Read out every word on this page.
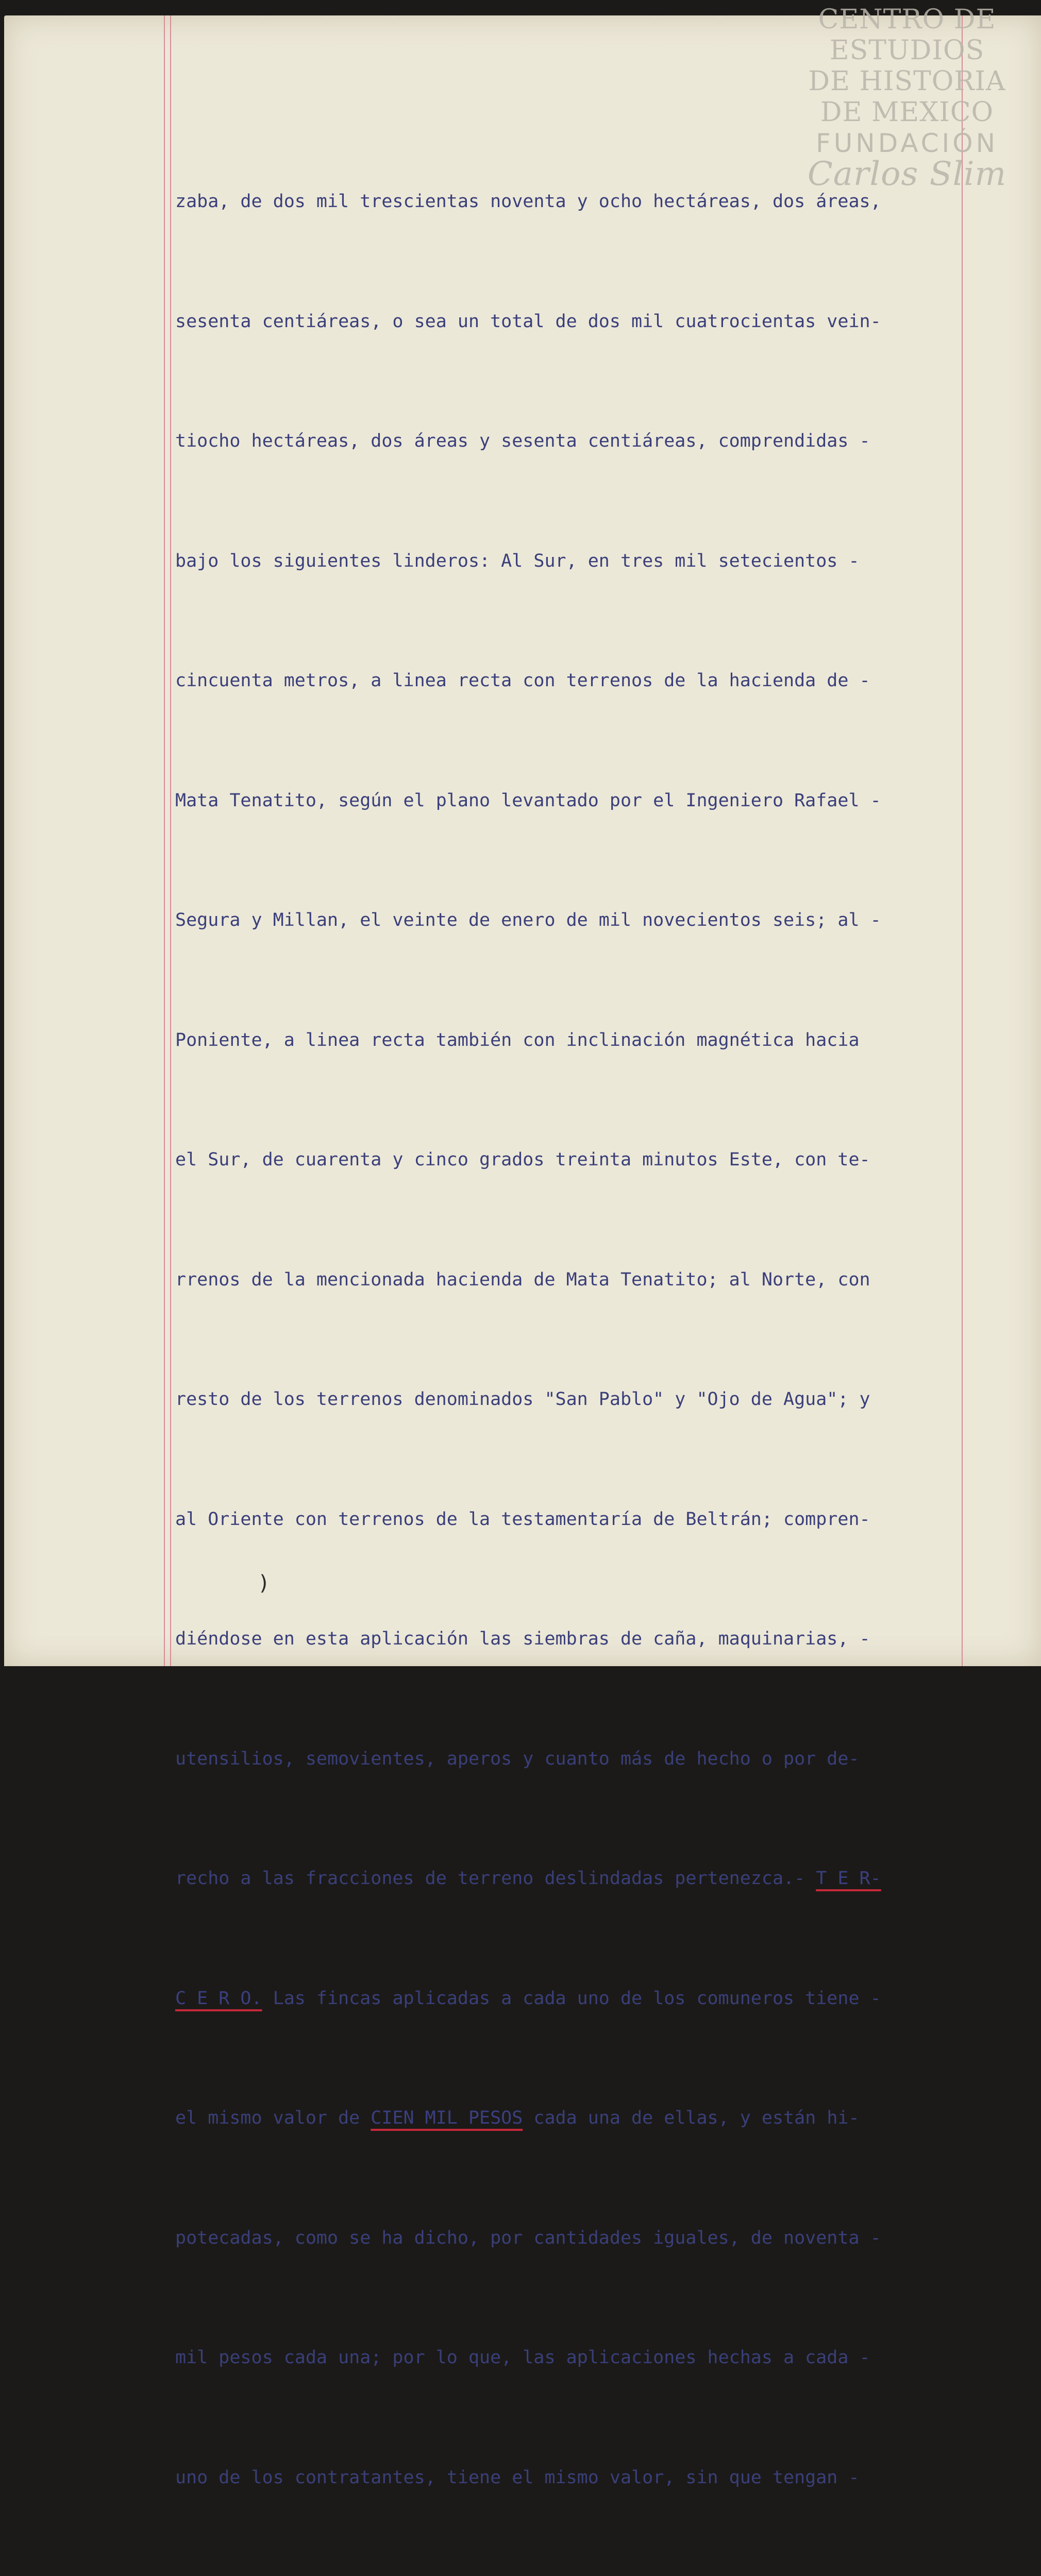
CENTRO DE
ESTUDIOS
DE HISTORIA
DE MEXICO
FUNDACIÓN
Carlos Slim

zaba, de dos mil trescientas noventa y ocho hectáreas, dos áreas,

sesenta centiáreas, o sea un total de dos mil cuatrocientas vein-

tiocho hectáreas, dos áreas y sesenta centiáreas, comprendidas -

bajo los siguientes linderos: Al Sur, en tres mil setecientos -

cincuenta metros, a linea recta con terrenos de la hacienda de -

Mata Tenatito, según el plano levantado por el Ingeniero Rafael -

Segura y Millan, el veinte de enero de mil novecientos seis; al -

Poniente, a linea recta también con inclinación magnética hacia

el Sur, de cuarenta y cinco grados treinta minutos Este, con te-

rrenos de la mencionada hacienda de Mata Tenatito; al Norte, con

resto de los terrenos denominados "San Pablo" y "Ojo de Agua"; y

al Oriente con terrenos de la testamentaría de Beltrán; compren-

diéndose en esta aplicación las siembras de caña, maquinarias, -

utensilios, semovientes, aperos y cuanto más de hecho o por de-

recho a las fracciones de terreno deslindadas pertenezca.- T E R-

C E R O. Las fincas aplicadas a cada uno de los comuneros tiene -

el mismo valor de CIEN MIL PESOS cada una de ellas, y están hi-

potecadas, como se ha dicho, por cantidades iguales, de noventa -

mil pesos cada una; por lo que, las aplicaciones hechas a cada -

uno de los contratantes, tiene el mismo valor, sin que tengan -

)
